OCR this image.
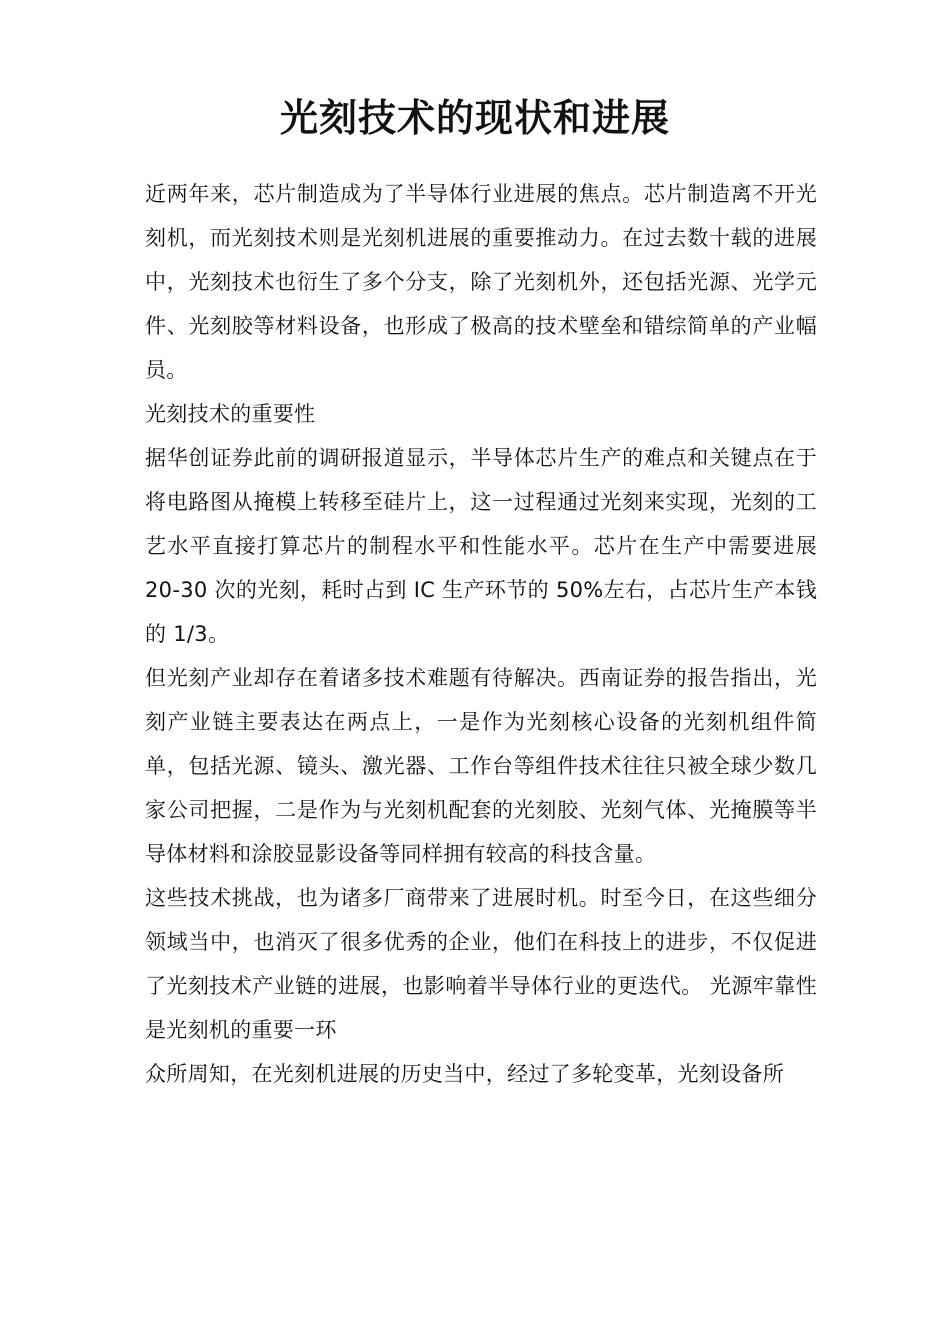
光刻技术的现状和进展

近两年来，芯片制造成为了半导体行业进展的焦点。芯片制造离不开光刻机，而光刻技术则是光刻机进展的重要推动力。在过去数十载的进展中，光刻技术也衍生了多个分支，除了光刻机外，还包括光源、光学元件、光刻胶等材料设备，也形成了极高的技术壁垒和错综简单的产业幅员。

光刻技术的重要性

据华创证券此前的调研报道显示，半导体芯片生产的难点和关键点在于将电路图从掩模上转移至硅片上，这一过程通过光刻来实现，光刻的工艺水平直接打算芯片的制程水平和性能水平。芯片在生产中需要进展 20-30 次的光刻，耗时占到 IC 生产环节的 50%左右，占芯片生产本钱的 1/3。

但光刻产业却存在着诸多技术难题有待解决。西南证券的报告指出，光刻产业链主要表达在两点上，一是作为光刻核心设备的光刻机组件简单，包括光源、镜头、激光器、工作台等组件技术往往只被全球少数几家公司把握，二是作为与光刻机配套的光刻胶、光刻气体、光掩膜等半导体材料和涂胶显影设备等同样拥有较高的科技含量。

这些技术挑战，也为诸多厂商带来了进展时机。时至今日，在这些细分领域当中，也消灭了很多优秀的企业，他们在科技上的进步，不仅促进了光刻技术产业链的进展，也影响着半导体行业的更迭代。 光源牢靠性是光刻机的重要一环

众所周知，在光刻机进展的历史当中，经过了多轮变革，光刻设备所
